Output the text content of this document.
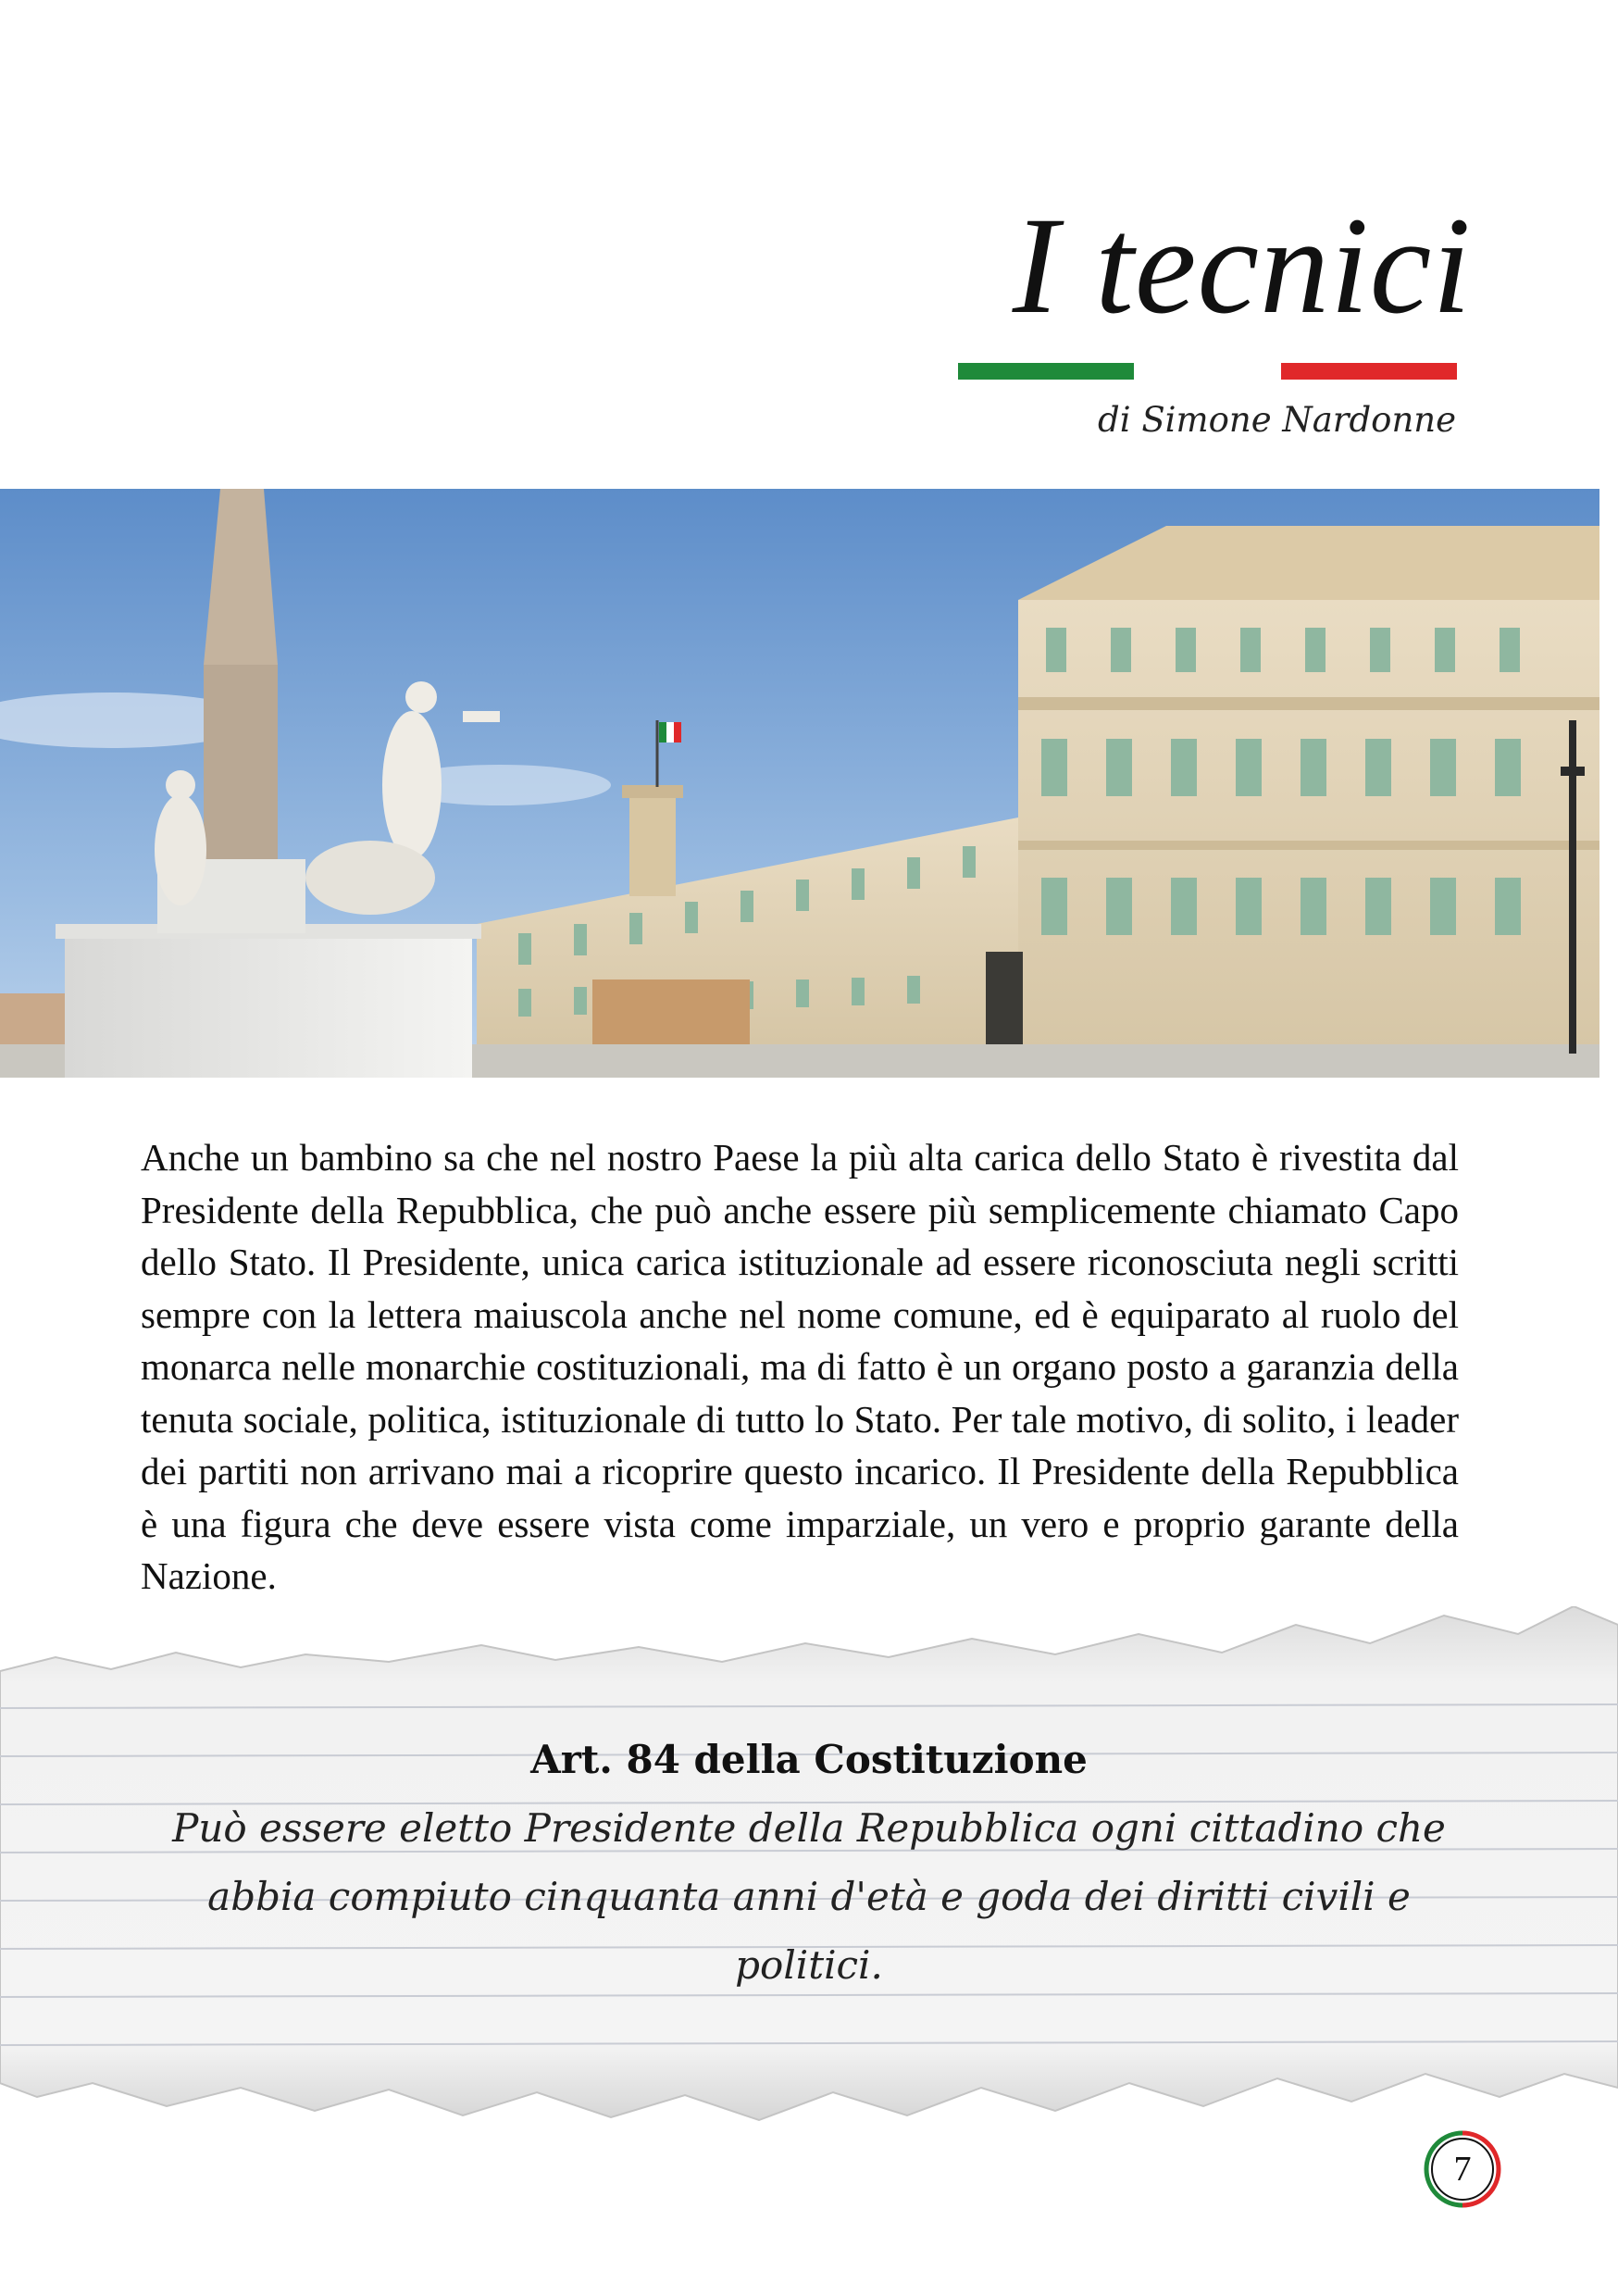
I tecnici
di Simone Nardonne
Anche un bambino sa che nel nostro Paese la più alta carica dello Stato è rivestita dal Presidente della Repubblica, che può anche essere più semplicemente chiamato Capo dello Stato. Il Presidente, unica carica istituzionale ad essere riconosciuta negli scritti sempre con la lettera maiuscola anche nel nome comune, ed è equiparato al ruolo del monarca nelle monarchie costituzionali, ma di fatto è un organo posto a garanzia della tenuta sociale, politica, istituzionale di tutto lo Stato. Per tale motivo, di solito, i leader dei partiti non arrivano mai a ricoprire questo incarico. Il Presidente della Repubblica è una figura che deve essere vista come imparziale, un vero e proprio garante della Nazione.
Art. 84 della Costituzione
Può essere eletto Presidente della Repubblica ogni cittadino che abbia compiuto cinquanta anni d'età e goda dei diritti civili e politici.
7
